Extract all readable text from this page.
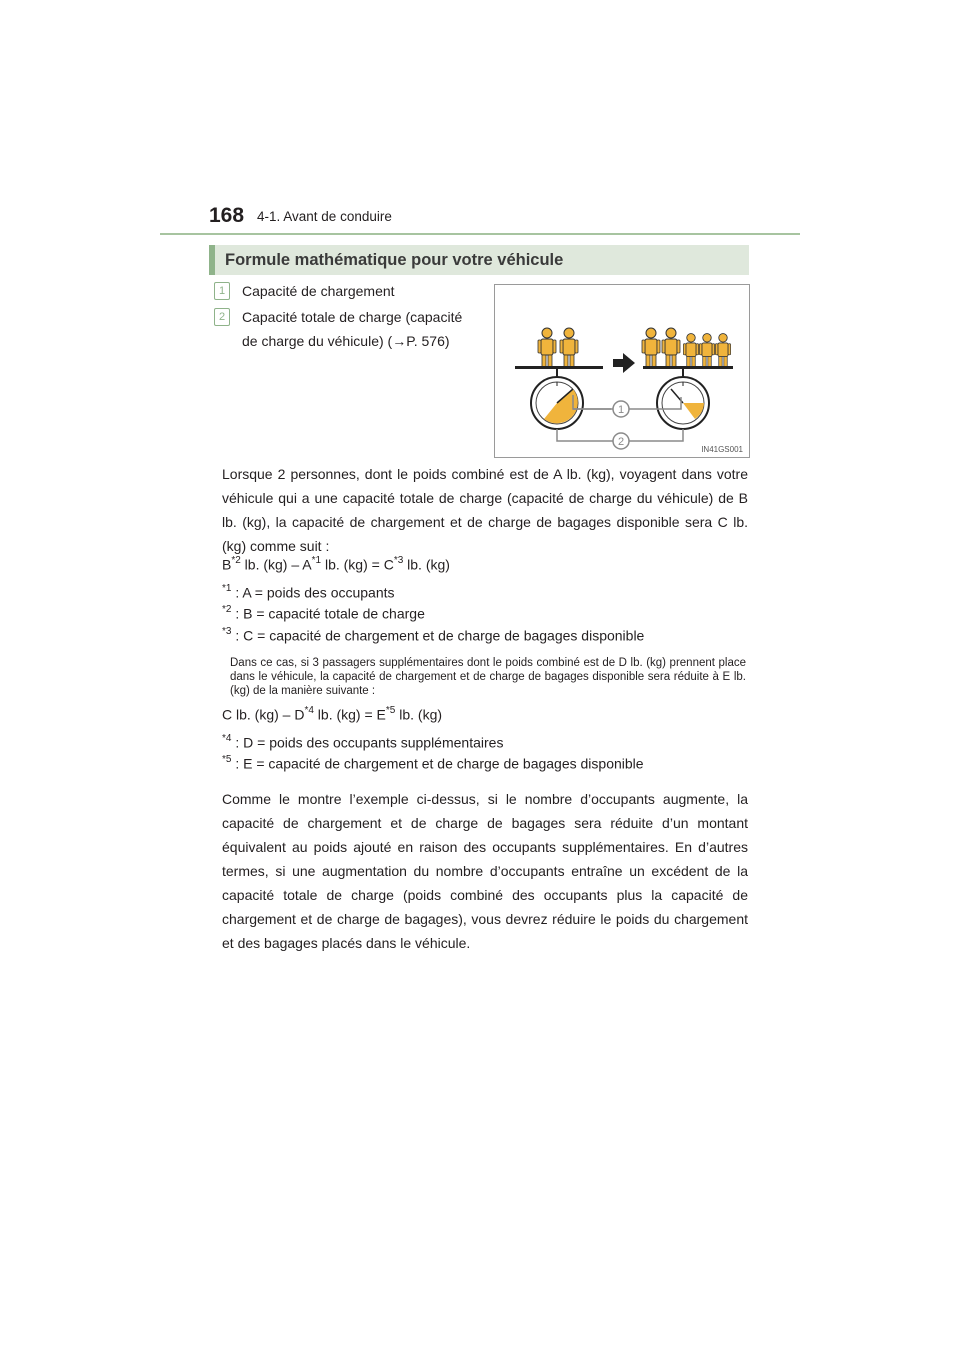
168 4-1. Avant de conduire
Formule mathématique pour votre véhicule
1	Capacité de chargement
2	Capacité totale de charge (capacité de charge du véhicule) (→P. 576)
1
2
IN41GS001
Lorsque 2 personnes, dont le poids combiné est de A lb. (kg), voyagent dans votre véhicule qui a une capacité totale de charge (capacité de charge du véhicule) de B lb. (kg), la capacité de chargement et de charge de bagages disponible sera C lb. (kg) comme suit :
$B^{*2}$ lb. $(kg) - A^{*1}$ lb. $(kg) = C^{*3}$ lb. (kg)
$^{*1}$ : A = poids des occupants
$^{*2}$ : B = capacité totale de charge
$^{*3}$ : C = capacité de chargement et de charge de bagages disponible
Dans ce cas, si 3 passagers supplémentaires dont le poids combiné est de D lb. (kg) prennent place dans le véhicule, la capacité de chargement et de charge de bagages disponible sera réduite à E lb. (kg) de la manière suivante :
C lb. $(kg) - D^{*4}$ lb. $(kg) = E^{*5}$ lb. (kg)
$^{*4}$ : D = poids des occupants supplémentaires
$^{*5}$ : E = capacité de chargement et de charge de bagages disponible
Comme le montre l’exemple ci-dessus, si le nombre d’occupants augmente, la capacité de chargement et de charge de bagages sera réduite d’un montant équivalent au poids ajouté en raison des occupants supplémentaires. En d’autres termes, si une augmentation du nombre d’occupants entraîne un excédent de la capacité totale de charge (poids combiné des occupants plus la capacité de chargement et de charge de bagages), vous devrez réduire le poids du chargement et des bagages placés dans le véhicule.
